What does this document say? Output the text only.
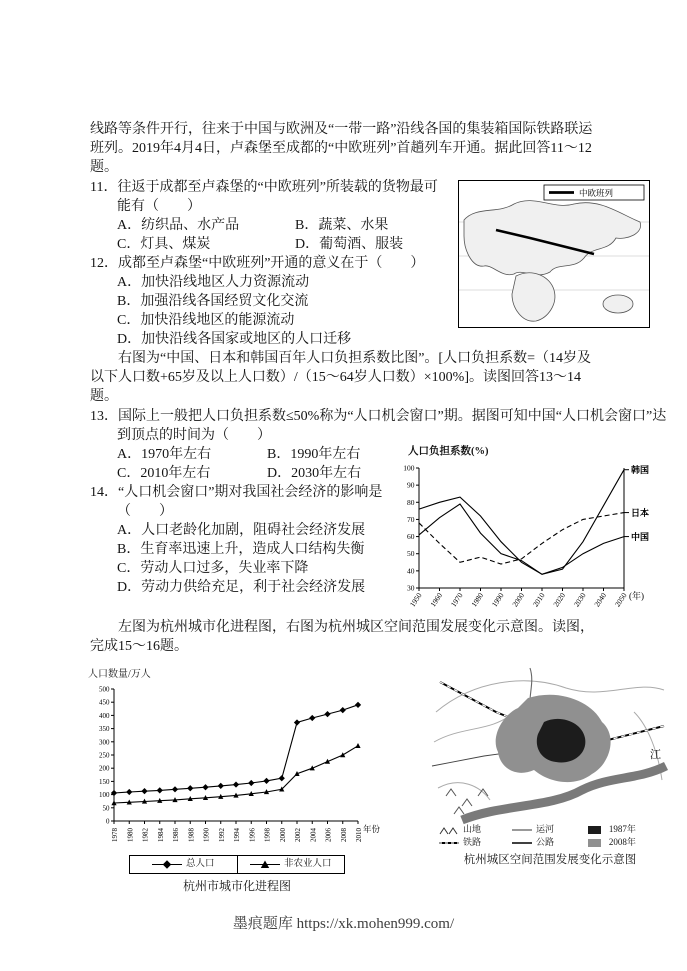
线路等条件开行，往来于中国与欧洲及“一带一路”沿线各国的集装箱国际铁路联运班列。2019年4月4日，卢森堡至成都的“中欧班列”首趟列车开通。据此回答11～12题。

中欧班列

11．往返于成都至卢森堡的“中欧班列”所装载的货物最可能有（　　）

A．纺织品、水产品	B．蔬菜、水果
C．灯具、煤炭	D．葡萄酒、服装

12．成都至卢森堡“中欧班列”开通的意义在于（　　）

A．加快沿线地区人力资源流动
B．加强沿线各国经贸文化交流
C．加快沿线地区的能源流动
D．加快沿线各国家或地区的人口迁移

右图为“中国、日本和韩国百年人口负担系数比图”。[人口负担系数=（14岁及以下人口数+65岁及以上人口数）/（15～64岁人口数）×100%]。读图回答13～14题。

13．国际上一般把人口负担系数≤50%称为“人口机会窗口”期。据图可知中国“人口机会窗口”达到顶点的时间为（　　）

人口负担系数(%)
30
40
50
60
70
80
90
100
1950 1960 1970 1980 1990 2000 2010 2020 2030 2040 2050 (年)
韩国
日本
中国
A．1970年左右	B．1990年左右
C．2010年左右	D．2030年左右

14．“人口机会窗口”期对我国社会经济的影响是（　　）

A．人口老龄化加剧，阻碍社会经济发展
B．生育率迅速上升，造成人口结构失衡
C．劳动人口过多，失业率下降
D．劳动力供给充足，利于社会经济发展

左图为杭州城市化进程图，右图为杭州城区空间范围发展变化示意图。读图，完成15～16题。

人口数量/万人
0
50
100
150
200
250
300
350
400
450
500
1978 1980 1982 1984 1986 1988 1990 1992 1994 1996 1998 2000 2002 2004 2006 2008 2010 年份
总人口	非农业人口
杭州市城市化进程图
江
山地	运河	1987年
铁路	公路	2008年
杭州城区空间范围发展变化示意图
墨痕题库 https://xk.mohen999.com/
